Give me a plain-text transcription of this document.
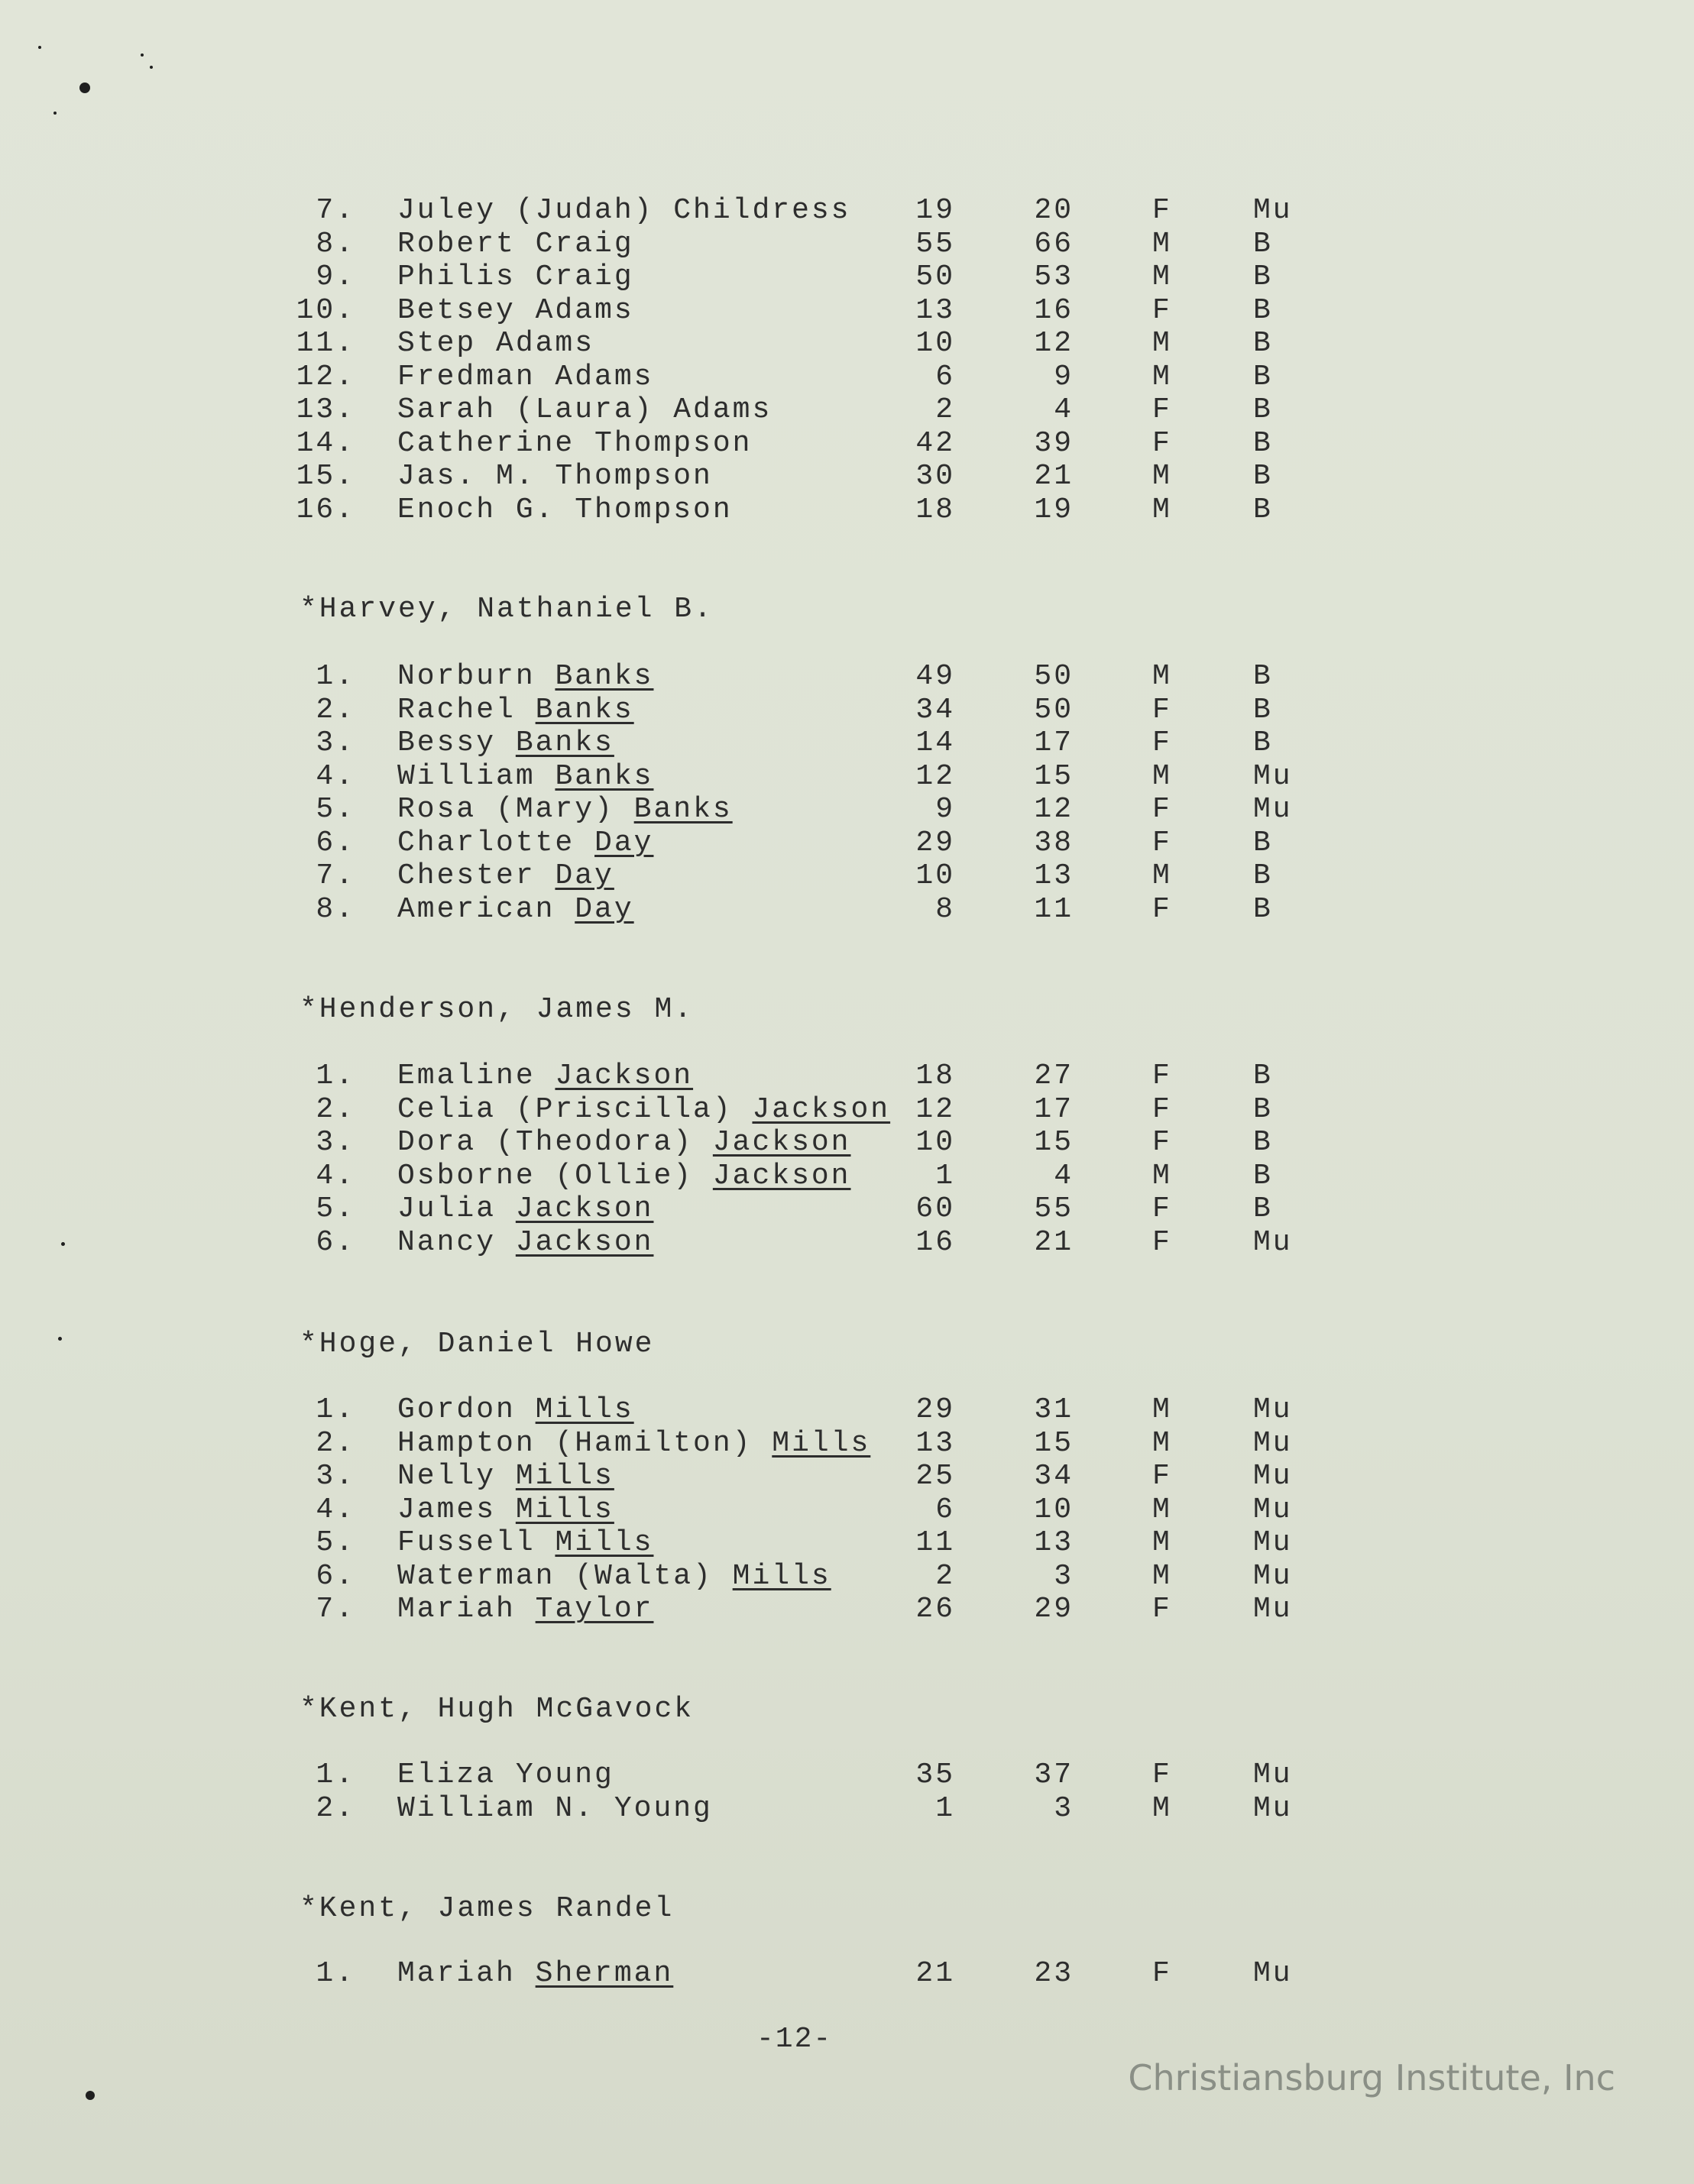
7. Juley (Judah) Childress	19	20	F	Mu
8. Robert Craig	55	66	M	B
9. Philis Craig	50	53	M	B
10. Betsey Adams	13	16	F	B
11. Step Adams	10	12	M	B
12. Fredman Adams	6	9	M	B
13. Sarah (Laura) Adams	2	4	F	B
14. Catherine Thompson	42	39	F	B
15. Jas. M. Thompson	30	21	M	B
16. Enoch G. Thompson	18	19	M	B
*Harvey, Nathaniel B.
1. Norburn Banks	49	50	M	B
2. Rachel Banks	34	50	F	B
3. Bessy Banks	14	17	F	B
4. William Banks	12	15	M	Mu
5. Rosa (Mary) Banks	9	12	F	Mu
6. Charlotte Day	29	38	F	B
7. Chester Day	10	13	M	B
8. American Day	8	11	F	B
*Henderson, James M.
1. Emaline Jackson	18	27	F	B
2. Celia (Priscilla) Jackson 12	17	F	B
3. Dora (Theodora) Jackson	10	15	F	B
4. Osborne (Ollie) Jackson	1	4	M	B
5. Julia Jackson	60	55	F	B
6. Nancy Jackson	16	21	F	Mu
*Hoge, Daniel Howe
1. Gordon Mills	29	31	M	Mu
2. Hampton (Hamilton) Mills	13	15	M	Mu
3. Nelly Mills	25	34	F	Mu
4. James Mills	6	10	M	Mu
5. Fussell Mills	11	13	M	Mu
6. Waterman (Walta) Mills	2	3	M	Mu
7. Mariah Taylor	26	29	F	Mu
*Kent, Hugh McGavock
1. Eliza Young	35	37	F	Mu
2. William N. Young	1	3	M	Mu
*Kent, James Randel
1. Mariah Sherman	21	23	F	Mu
-12-
Christiansburg Institute, Inc
